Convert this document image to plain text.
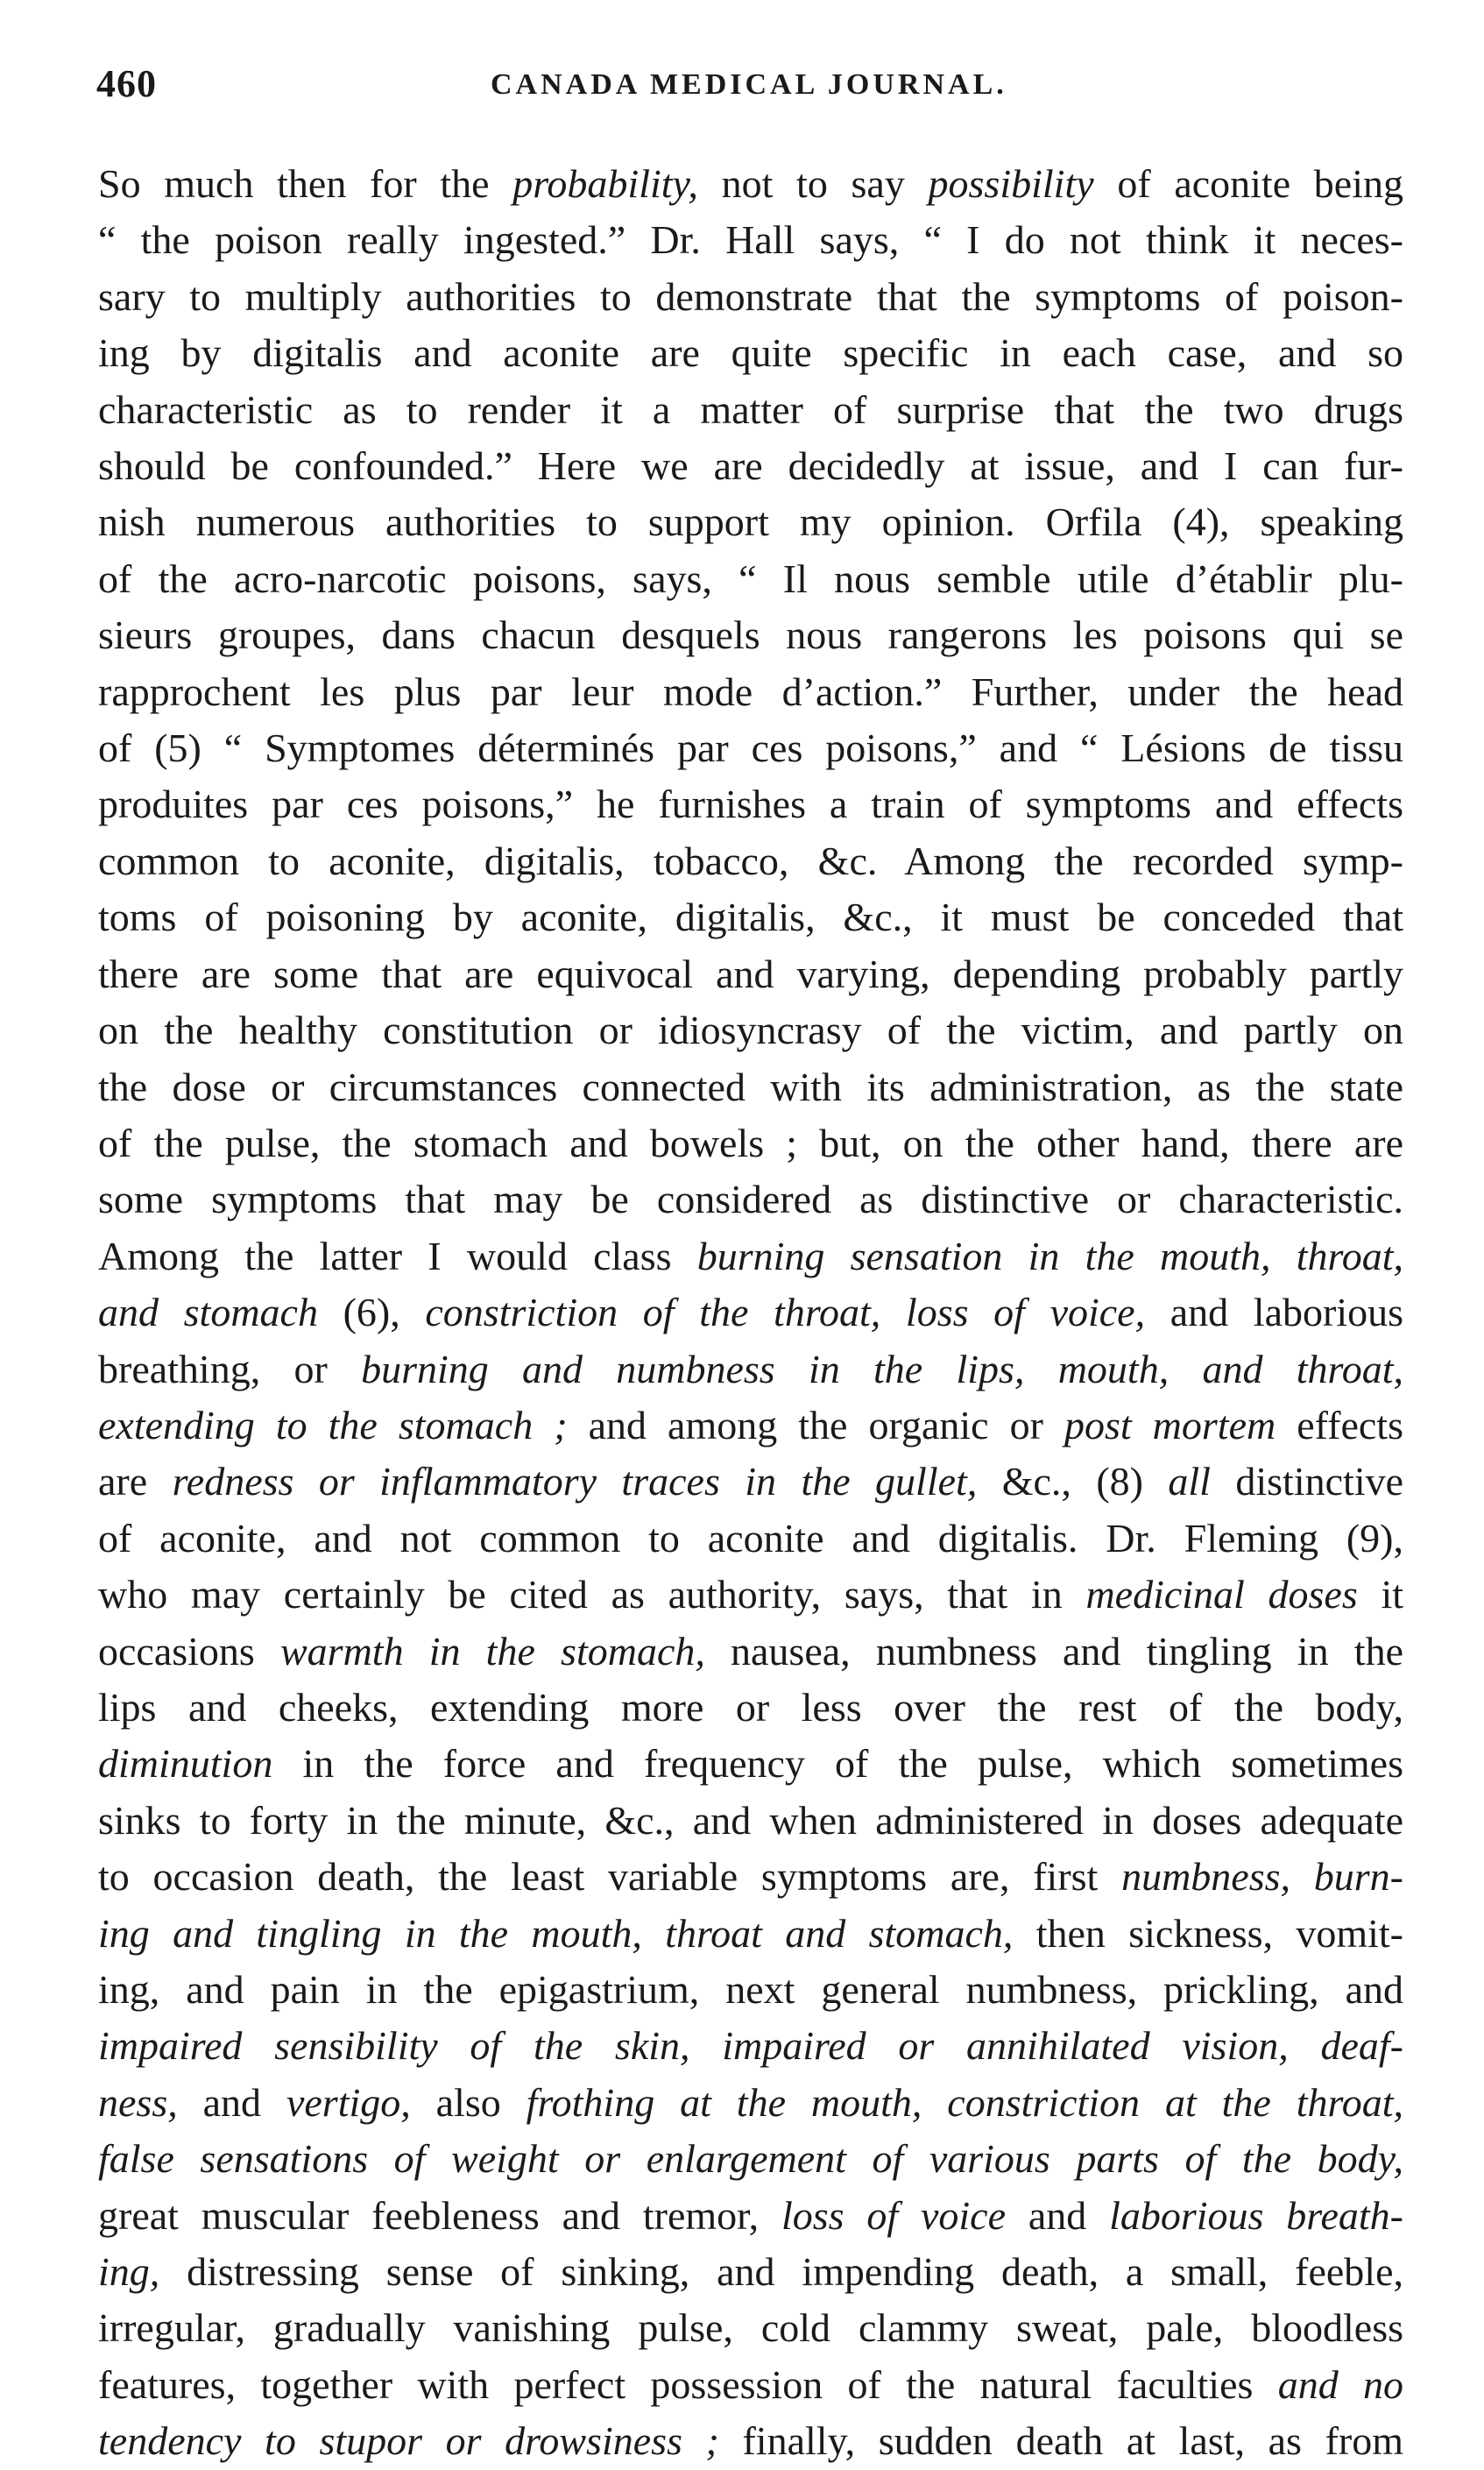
460	CANADA MEDICAL JOURNAL.
So much then for the probability, not to say possibility of aconite being
“ the poison really ingested.” Dr. Hall says, “ I do not think it neces-
sary to multiply authorities to demonstrate that the symptoms of poison-
ing by digitalis and aconite are quite specific in each case, and so
characteristic as to render it a matter of surprise that the two drugs
should be confounded.” Here we are decidedly at issue, and I can fur-
nish numerous authorities to support my opinion. Orfila (4), speaking
of the acro-narcotic poisons, says, “ Il nous semble utile d’établir plu-
sieurs groupes, dans chacun desquels nous rangerons les poisons qui se
rapprochent les plus par leur mode d’action.” Further, under the head
of (5) “ Symptomes déterminés par ces poisons,” and “ Lésions de tissu
produites par ces poisons,” he furnishes a train of symptoms and effects
common to aconite, digitalis, tobacco, &c. Among the recorded symp-
toms of poisoning by aconite, digitalis, &c., it must be conceded that
there are some that are equivocal and varying, depending probably partly
on the healthy constitution or idiosyncrasy of the victim, and partly on
the dose or circumstances connected with its administration, as the state
of the pulse, the stomach and bowels ; but, on the other hand, there are
some symptoms that may be considered as distinctive or characteristic.
Among the latter I would class burning sensation in the mouth, throat,
and stomach (6), constriction of the throat, loss of voice, and laborious
breathing, or burning and numbness in the lips, mouth, and throat,
extending to the stomach ; and among the organic or post mortem effects
are redness or inflammatory traces in the gullet, &c., (8) all distinctive
of aconite, and not common to aconite and digitalis. Dr. Fleming (9),
who may certainly be cited as authority, says, that in medicinal doses it
occasions warmth in the stomach, nausea, numbness and tingling in the
lips and cheeks, extending more or less over the rest of the body,
diminution in the force and frequency of the pulse, which sometimes
sinks to forty in the minute, &c., and when administered in doses adequate
to occasion death, the least variable symptoms are, first numbness, burn-
ing and tingling in the mouth, throat and stomach, then sickness, vomit-
ing, and pain in the epigastrium, next general numbness, prickling, and
impaired sensibility of the skin, impaired or annihilated vision, deaf-
ness, and vertigo, also frothing at the mouth, constriction at the throat,
false sensations of weight or enlargement of various parts of the body,
great muscular feebleness and tremor, loss of voice and laborious breath-
ing, distressing sense of sinking, and impending death, a small, feeble,
irregular, gradually vanishing pulse, cold clammy sweat, pale, bloodless
features, together with perfect possession of the natural faculties and no
tendency to stupor or drowsiness ; finally, sudden death at last, as from
